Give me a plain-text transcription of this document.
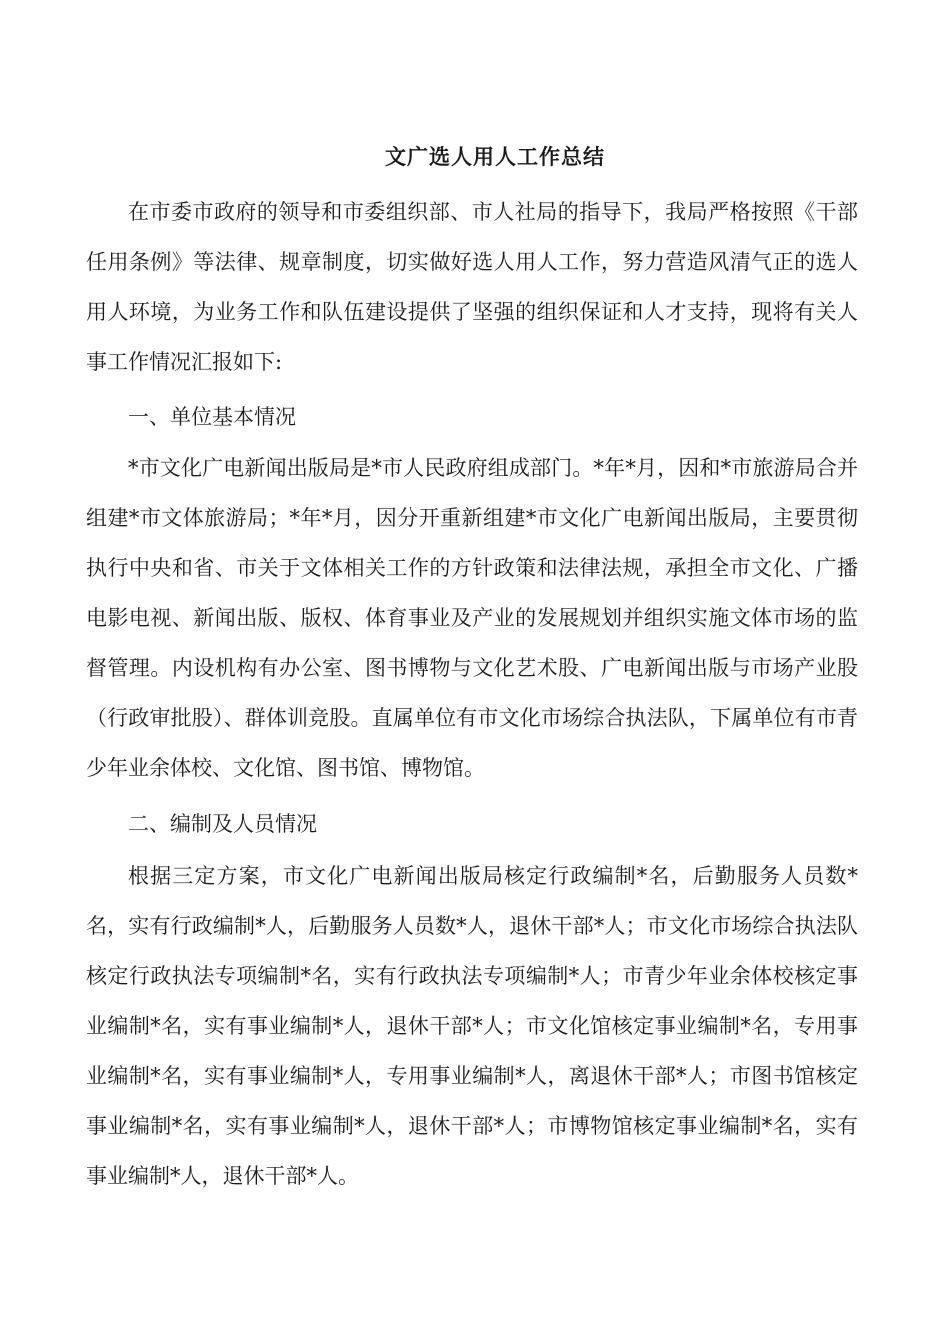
文广选人用人工作总结

在市委市政府的领导和市委组织部、市人社局的指导下，我局严格按照《干部任用条例》等法律、规章制度，切实做好选人用人工作，努力营造风清气正的选人用人环境，为业务工作和队伍建设提供了坚强的组织保证和人才支持，现将有关人事工作情况汇报如下:

一、单位基本情况

*市文化广电新闻出版局是*市人民政府组成部门。*年*月，因和*市旅游局合并组建*市文体旅游局；*年*月，因分开重新组建*市文化广电新闻出版局，主要贯彻执行中央和省、市关于文体相关工作的方针政策和法律法规，承担全市文化、广播电影电视、新闻出版、版权、体育事业及产业的发展规划并组织实施文体市场的监督管理。内设机构有办公室、图书博物与文化艺术股、广电新闻出版与市场产业股（行政审批股）、群体训竞股。直属单位有市文化市场综合执法队，下属单位有市青少年业余体校、文化馆、图书馆、博物馆。

二、编制及人员情况

根据三定方案，市文化广电新闻出版局核定行政编制*名，后勤服务人员数*名，实有行政编制*人，后勤服务人员数*人，退休干部*人；市文化市场综合执法队核定行政执法专项编制*名，实有行政执法专项编制*人；市青少年业余体校核定事业编制*名，实有事业编制*人，退休干部*人；市文化馆核定事业编制*名，专用事业编制*名，实有事业编制*人，专用事业编制*人，离退休干部*人；市图书馆核定事业编制*名，实有事业编制*人，退休干部*人；市博物馆核定事业编制*名，实有事业编制*人，退休干部*人。
